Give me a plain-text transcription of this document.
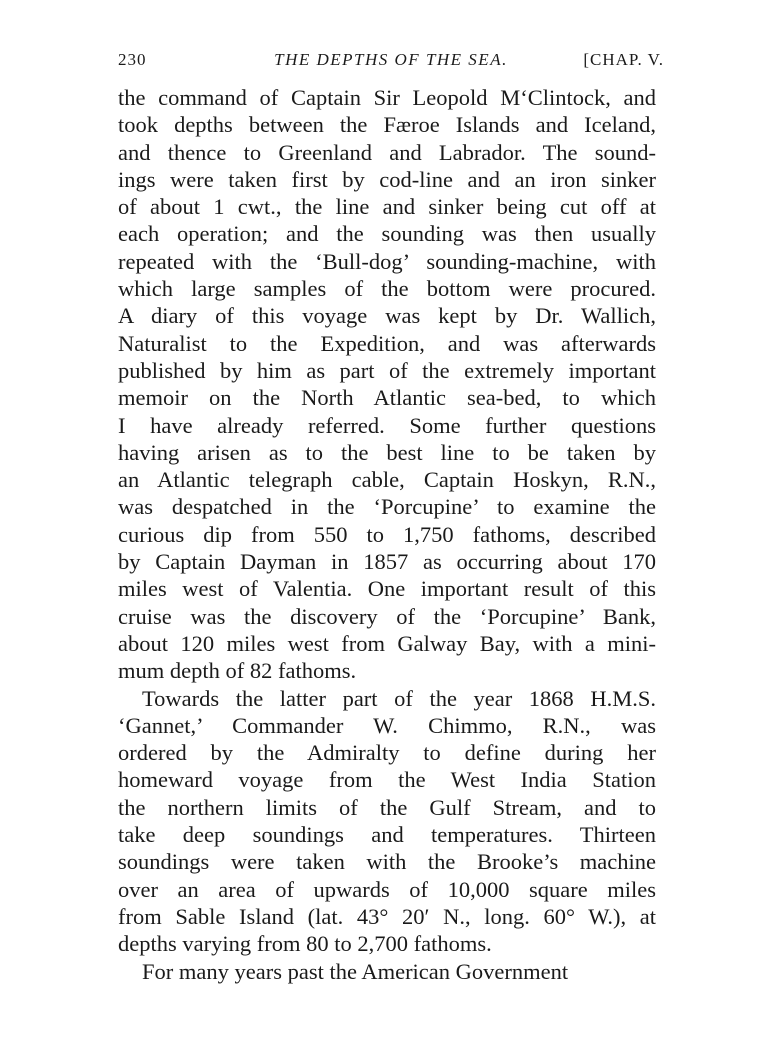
230	THE DEPTHS OF THE SEA.	[CHAP. V.
the command of Captain Sir Leopold M‘Clintock, and
took depths between the Færoe Islands and Iceland,
and thence to Greenland and Labrador. The sound-
ings were taken first by cod-line and an iron sinker
of about 1 cwt., the line and sinker being cut off at
each operation; and the sounding was then usually
repeated with the ‘Bull-dog’ sounding-machine, with
which large samples of the bottom were procured.
A diary of this voyage was kept by Dr. Wallich,
Naturalist to the Expedition, and was afterwards
published by him as part of the extremely important
memoir on the North Atlantic sea-bed, to which
I have already referred. Some further questions
having arisen as to the best line to be taken by
an Atlantic telegraph cable, Captain Hoskyn, R.N.,
was despatched in the ‘Porcupine’ to examine the
curious dip from 550 to 1,750 fathoms, described
by Captain Dayman in 1857 as occurring about 170
miles west of Valentia. One important result of this
cruise was the discovery of the ‘Porcupine’ Bank,
about 120 miles west from Galway Bay, with a mini-
mum depth of 82 fathoms.
Towards the latter part of the year 1868 H.M.S.
‘Gannet,’ Commander W. Chimmo, R.N., was
ordered by the Admiralty to define during her
homeward voyage from the West India Station
the northern limits of the Gulf Stream, and to
take deep soundings and temperatures. Thirteen
soundings were taken with the Brooke’s machine
over an area of upwards of 10,000 square miles
from Sable Island (lat. 43° 20′ N., long. 60° W.), at
depths varying from 80 to 2,700 fathoms.
For many years past the American Government
